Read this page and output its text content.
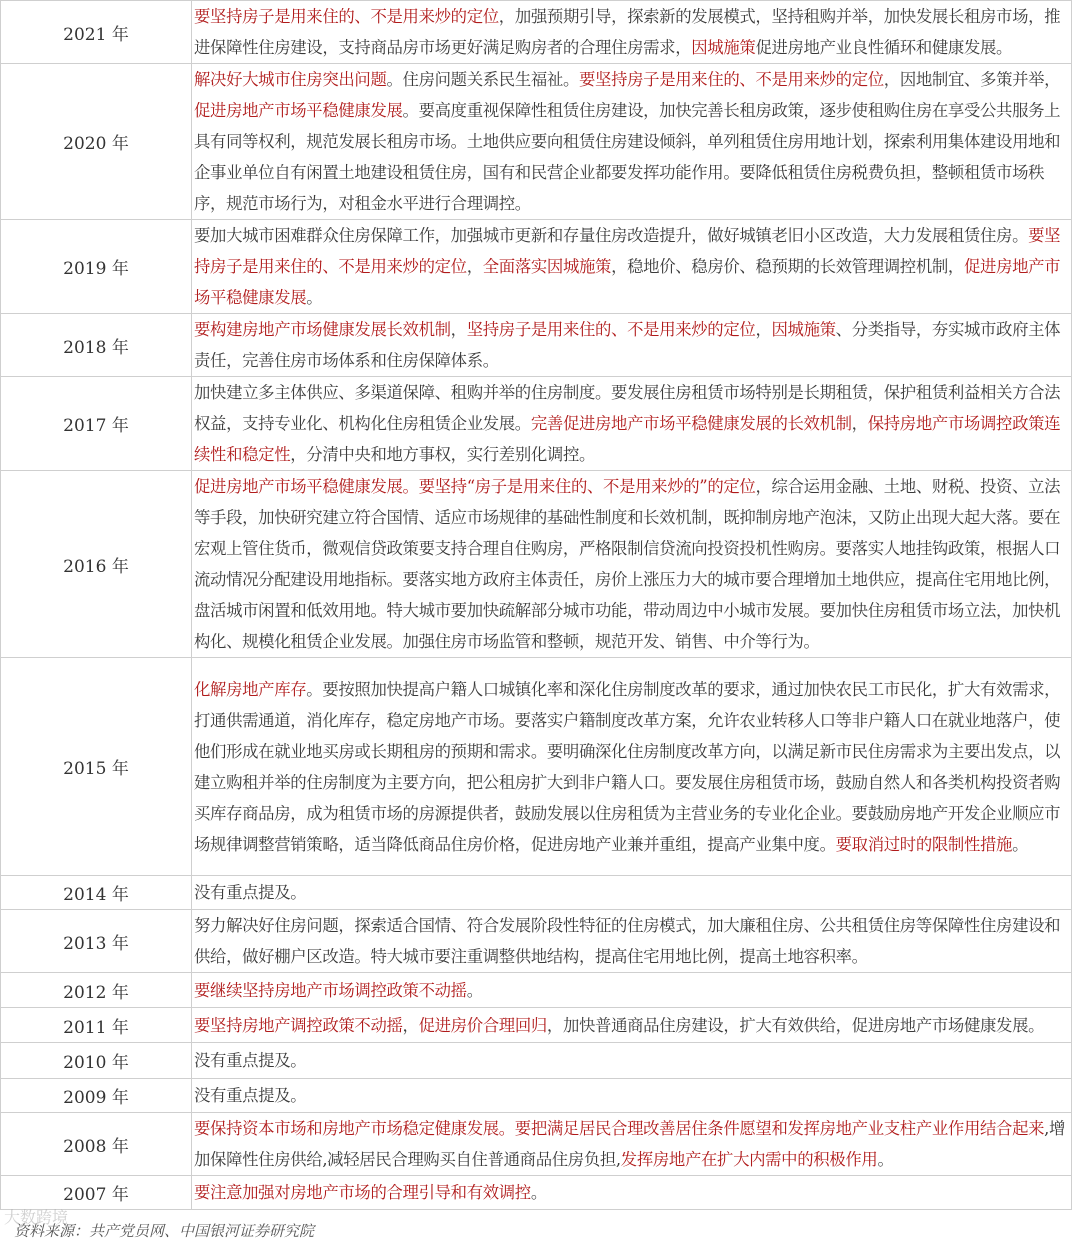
2021 年	要坚持房子是用来住的、不是用来炒的定位，加强预期引导，探索新的发展模式，坚持租购并举，加快发展长租房市场，推进保障性住房建设，支持商品房市场更好满足购房者的合理住房需求，因城施策促进房地产业良性循环和健康发展。
2020 年	解决好大城市住房突出问题。住房问题关系民生福祉。要坚持房子是用来住的、不是用来炒的定位，因地制宜、多策并举，促进房地产市场平稳健康发展。要高度重视保障性租赁住房建设，加快完善长租房政策，逐步使租购住房在享受公共服务上具有同等权利，规范发展长租房市场。土地供应要向租赁住房建设倾斜，单列租赁住房用地计划，探索利用集体建设用地和企事业单位自有闲置土地建设租赁住房，国有和民营企业都要发挥功能作用。要降低租赁住房税费负担，整顿租赁市场秩序，规范市场行为，对租金水平进行合理调控。
2019 年	要加大城市困难群众住房保障工作，加强城市更新和存量住房改造提升，做好城镇老旧小区改造，大力发展租赁住房。要坚持房子是用来住的、不是用来炒的定位，全面落实因城施策，稳地价、稳房价、稳预期的长效管理调控机制，促进房地产市场平稳健康发展。
2018 年	要构建房地产市场健康发展长效机制，坚持房子是用来住的、不是用来炒的定位，因城施策、分类指导，夯实城市政府主体责任，完善住房市场体系和住房保障体系。
2017 年	加快建立多主体供应、多渠道保障、租购并举的住房制度。要发展住房租赁市场特别是长期租赁，保护租赁利益相关方合法权益，支持专业化、机构化住房租赁企业发展。完善促进房地产市场平稳健康发展的长效机制，保持房地产市场调控政策连续性和稳定性，分清中央和地方事权，实行差别化调控。
2016 年	促进房地产市场平稳健康发展。要坚持“房子是用来住的、不是用来炒的”的定位，综合运用金融、土地、财税、投资、立法等手段，加快研究建立符合国情、适应市场规律的基础性制度和长效机制，既抑制房地产泡沫，又防止出现大起大落。要在宏观上管住货币，微观信贷政策要支持合理自住购房，严格限制信贷流向投资投机性购房。要落实人地挂钩政策，根据人口流动情况分配建设用地指标。要落实地方政府主体责任，房价上涨压力大的城市要合理增加土地供应，提高住宅用地比例，盘活城市闲置和低效用地。特大城市要加快疏解部分城市功能，带动周边中小城市发展。要加快住房租赁市场立法，加快机构化、规模化租赁企业发展。加强住房市场监管和整顿，规范开发、销售、中介等行为。
2015 年	化解房地产库存。要按照加快提高户籍人口城镇化率和深化住房制度改革的要求，通过加快农民工市民化，扩大有效需求，打通供需通道，消化库存，稳定房地产市场。要落实户籍制度改革方案，允许农业转移人口等非户籍人口在就业地落户，使他们形成在就业地买房或长期租房的预期和需求。要明确深化住房制度改革方向，以满足新市民住房需求为主要出发点，以建立购租并举的住房制度为主要方向，把公租房扩大到非户籍人口。要发展住房租赁市场，鼓励自然人和各类机构投资者购买库存商品房，成为租赁市场的房源提供者，鼓励发展以住房租赁为主营业务的专业化企业。要鼓励房地产开发企业顺应市场规律调整营销策略，适当降低商品住房价格，促进房地产业兼并重组，提高产业集中度。要取消过时的限制性措施。
2014 年	没有重点提及。
2013 年	努力解决好住房问题，探索适合国情、符合发展阶段性特征的住房模式，加大廉租住房、公共租赁住房等保障性住房建设和供给，做好棚户区改造。特大城市要注重调整供地结构，提高住宅用地比例，提高土地容积率。
2012 年	要继续坚持房地产市场调控政策不动摇。
2011 年	要坚持房地产调控政策不动摇，促进房价合理回归，加快普通商品住房建设，扩大有效供给，促进房地产市场健康发展。
2010 年	没有重点提及。
2009 年	没有重点提及。
2008 年	要保持资本市场和房地产市场稳定健康发展。要把满足居民合理改善居住条件愿望和发挥房地产业支柱产业作用结合起来,增加保障性住房供给,减轻居民合理购买自住普通商品住房负担,发挥房地产在扩大内需中的积极作用。
2007 年	要注意加强对房地产市场的合理引导和有效调控。
大数跨境
资料来源：共产党员网、中国银河证券研究院
